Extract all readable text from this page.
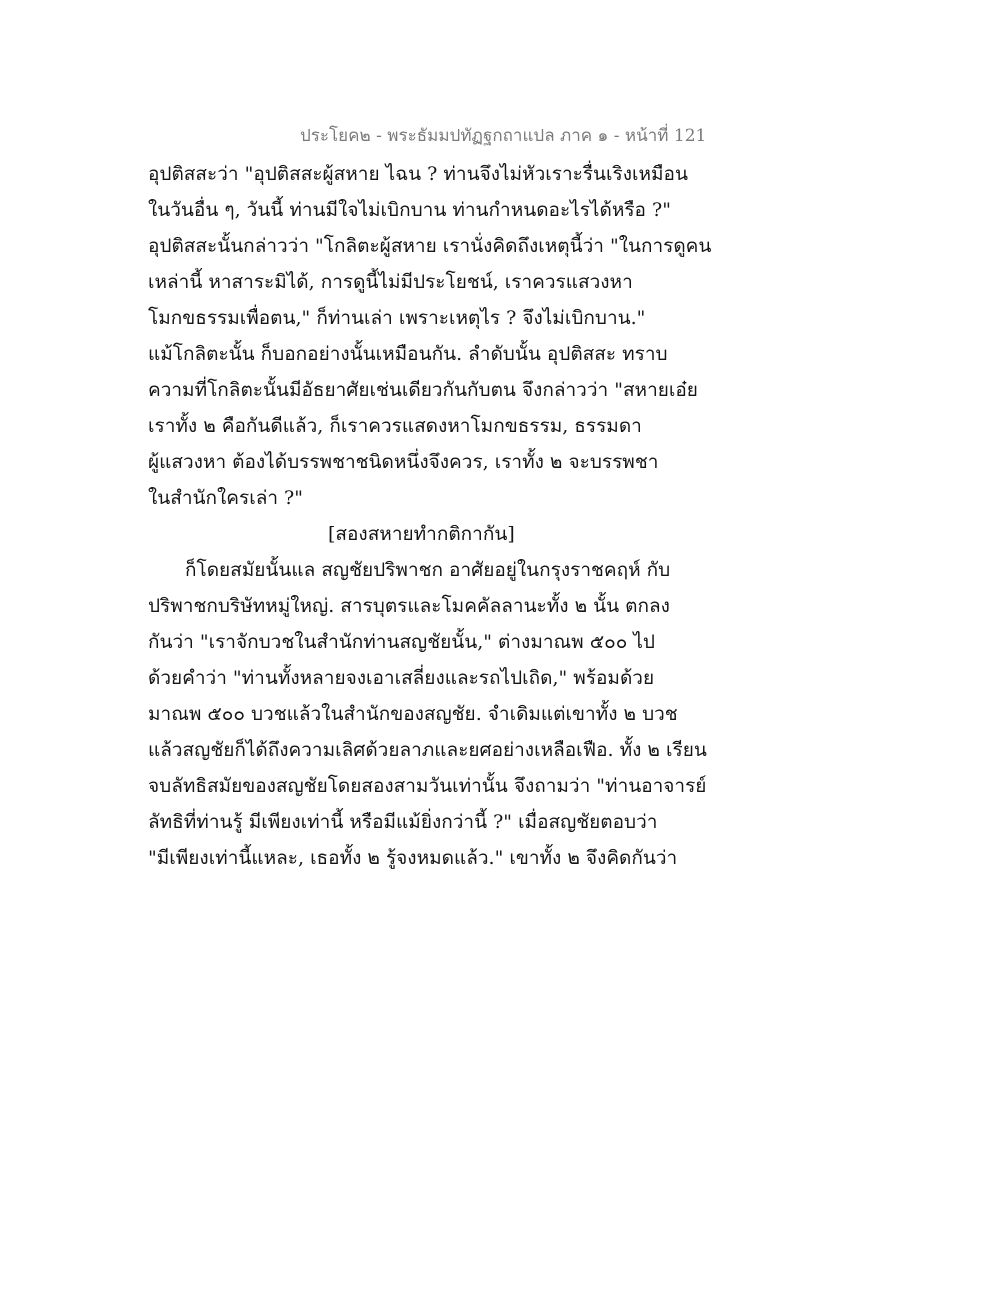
ประโยค๒ - พระธัมมปทัฏฐกถาแปล ภาค ๑ - หน้าที่ 121
อุปติสสะว่า "อุปติสสะผู้สหาย ไฉน ? ท่านจึงไม่หัวเราะรื่นเริงเหมือน
ในวันอื่น ๆ, วันนี้ ท่านมีใจไม่เบิกบาน ท่านกำหนดอะไรได้หรือ ?"
อุปติสสะนั้นกล่าวว่า "โกลิตะผู้สหาย เรานั่งคิดถึงเหตุนี้ว่า "ในการดูคน
เหล่านี้ หาสาระมิได้, การดูนี้ไม่มีประโยชน์, เราควรแสวงหา
โมกขธรรมเพื่อตน," ก็ท่านเล่า เพราะเหตุไร ? จึงไม่เบิกบาน."
แม้โกลิตะนั้น ก็บอกอย่างนั้นเหมือนกัน. ลำดับนั้น อุปติสสะ ทราบ
ความที่โกลิตะนั้นมีอัธยาศัยเช่นเดียวกันกับตน จึงกล่าวว่า "สหายเอ๋ย
เราทั้ง ๒ คือกันดีแล้ว, ก็เราควรแสดงหาโมกขธรรม, ธรรมดา
ผู้แสวงหา ต้องได้บรรพชาชนิดหนึ่งจึงควร, เราทั้ง ๒ จะบรรพชา
ในสำนักใครเล่า ?"
[สองสหายทำกติกากัน]
ก็โดยสมัยนั้นแล สญชัยปริพาชก อาศัยอยู่ในกรุงราชคฤห์ กับ
ปริพาชกบริษัทหมู่ใหญ่. สารบุตรและโมคคัลลานะทั้ง ๒ นั้น ตกลง
กันว่า "เราจักบวชในสำนักท่านสญชัยนั้น," ต่างมาณพ ๕๐๐ ไป
ด้วยคำว่า "ท่านทั้งหลายจงเอาเสลี่ยงและรถไปเถิด," พร้อมด้วย
มาณพ ๕๐๐ บวชแล้วในสำนักของสญชัย. จำเดิมแต่เขาทั้ง ๒ บวช
แล้วสญชัยก็ได้ถึงความเลิศด้วยลาภและยศอย่างเหลือเฟือ. ทั้ง ๒ เรียน
จบลัทธิสมัยของสญชัยโดยสองสามวันเท่านั้น จึงถามว่า "ท่านอาจารย์
ลัทธิที่ท่านรู้ มีเพียงเท่านี้ หรือมีแม้ยิ่งกว่านี้ ?" เมื่อสญชัยตอบว่า
"มีเพียงเท่านี้แหละ, เธอทั้ง ๒ รู้จงหมดแล้ว." เขาทั้ง ๒ จึงคิดกันว่า
